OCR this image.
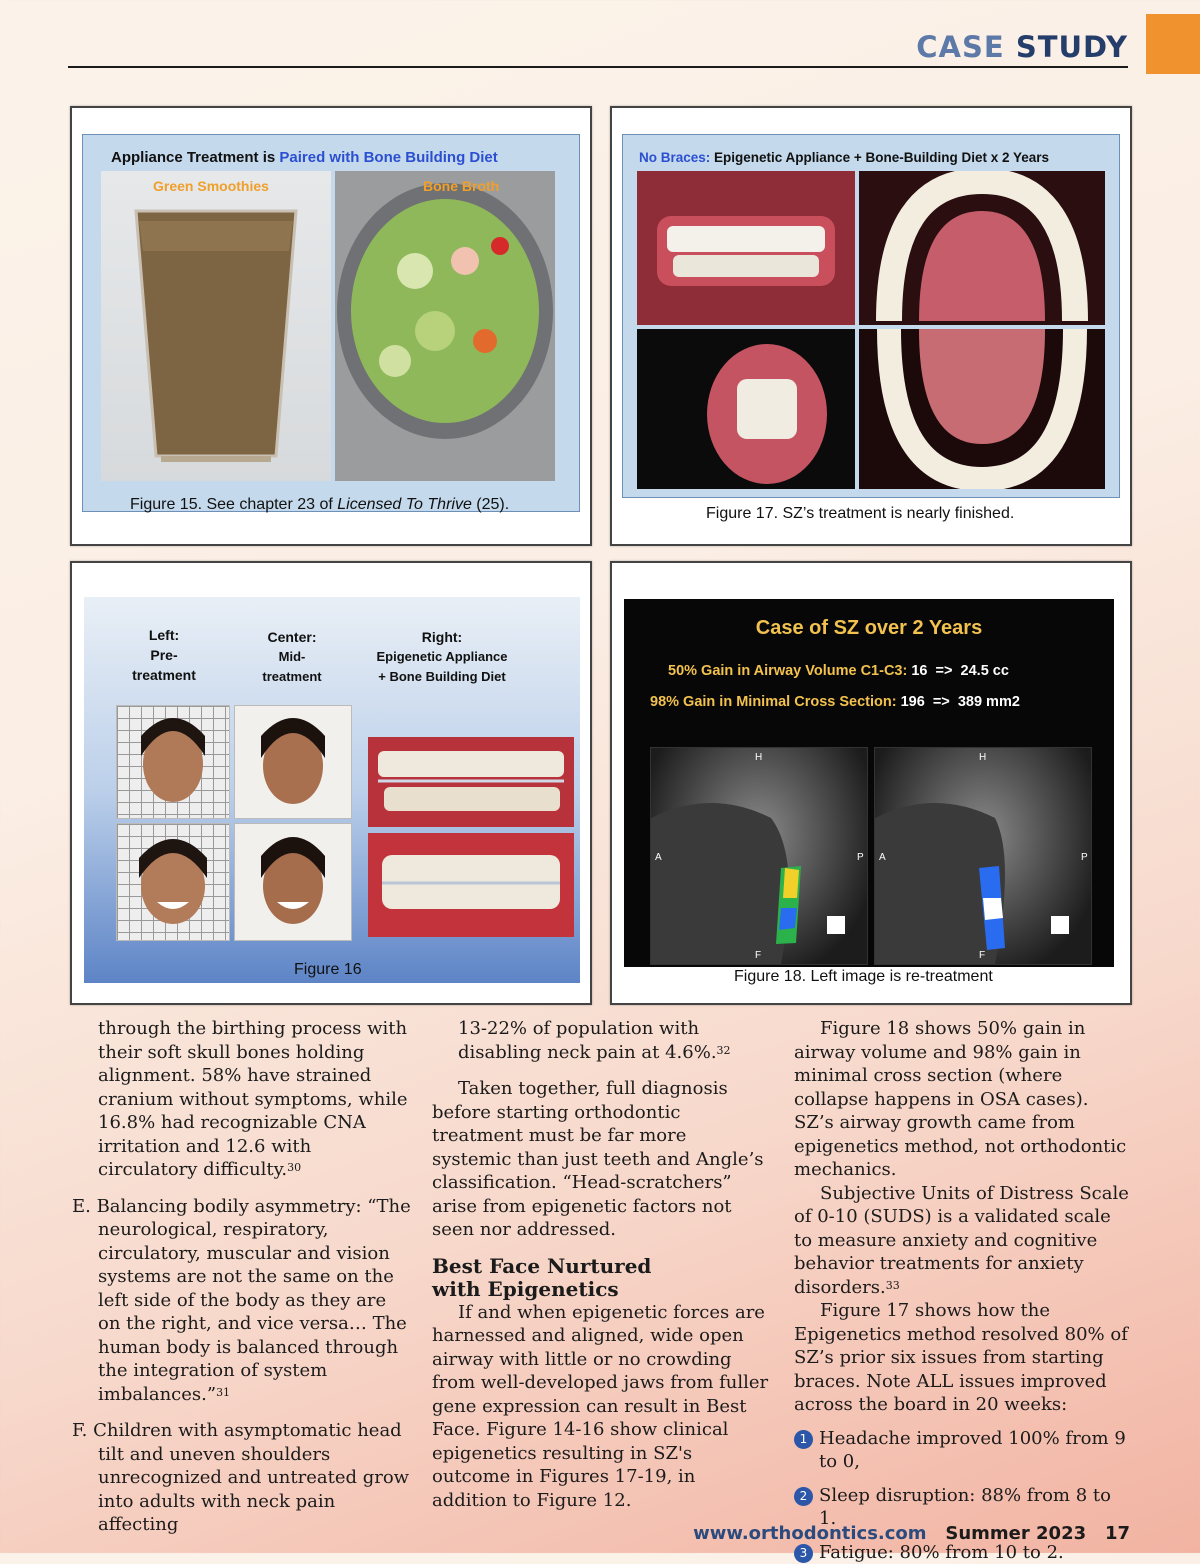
CASE STUDY
Appliance Treatment is Paired with Bone Building Diet
Green Smoothies	Bone Broth
Figure 15. See chapter 23 of Licensed To Thrive (25).
No Braces: Epigenetic Appliance + Bone-Building Diet x 2 Years
Figure 17. SZ’s treatment is nearly finished.
Left:
Pre-
treatment
Center:
Mid-
treatment
Right:
Epigenetic Appliance
+ Bone Building Diet
Figure 16
Case of SZ over 2 Years
50% Gain in Airway Volume C1-C3: 16  =>  24.5 cc
98% Gain in Minimal Cross Section: 196  =>  389 mm2
H
A	P
F
H
A	P
F
Figure 18. Left image is re-treatment

through the birthing process with their soft skull bones holding alignment. 58% have strained cranium without symptoms, while 16.8% had recognizable CNA irritation and 12.6 with circulatory difficulty.$^{30}$

E. Balancing bodily asymmetry: “The neurological, respiratory, circulatory, muscular and vision systems are not the same on the left side of the body as they are on the right, and vice versa… The human body is balanced through the integration of system imbalances.”$^{31}$

F. Children with asymptomatic head tilt and uneven shoulders unrecognized and untreated grow into adults with neck pain affecting

13-22% of population with disabling neck pain at 4.6%.$^{32}$

Taken together, full diagnosis before starting orthodontic treatment must be far more systemic than just teeth and Angle’s classification. “Head-scratchers” arise from epigenetic factors not seen nor addressed.

Best Face Nurtured
with Epigenetics

If and when epigenetic forces are harnessed and aligned, wide open airway with little or no crowding from well-developed jaws from fuller gene expression can result in Best Face. Figure 14-16 show clinical epigenetics resulting in SZ's outcome in Figures 17-19, in addition to Figure 12.

Figure 18 shows 50% gain in airway volume and 98% gain in minimal cross section (where collapse happens in OSA cases). SZ’s airway growth came from epigenetics method, not orthodontic mechanics.

Subjective Units of Distress Scale of 0-10 (SUDS) is a validated scale to measure anxiety and cognitive behavior treatments for anxiety disorders.$^{33}$

Figure 17 shows how the Epigenetics method resolved 80% of SZ’s prior six issues from starting braces. Note ALL issues improved across the board in 20 weeks:

1 Headache improved 100% from 9 to 0,
2 Sleep disruption: 88% from 8 to 1.
3 Fatigue: 80% from 10 to 2.
www.orthodontics.com Summer 2023 17
